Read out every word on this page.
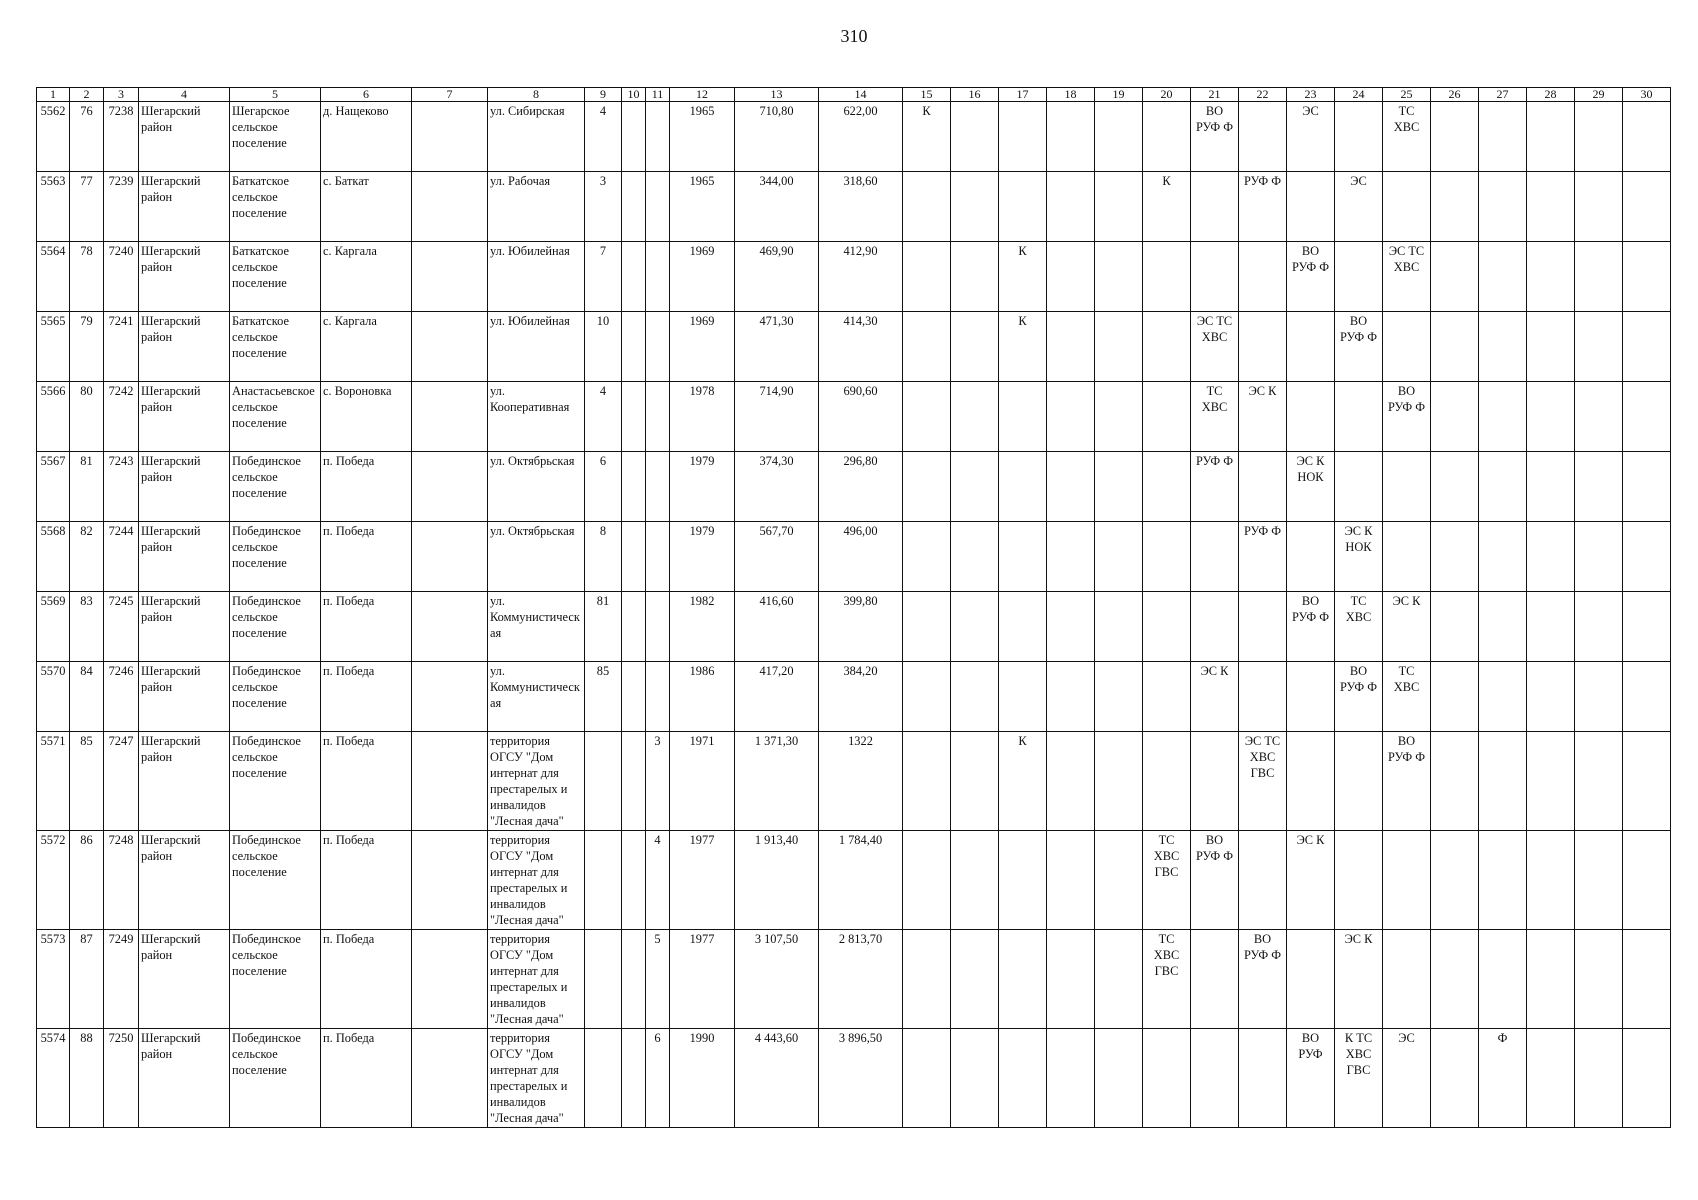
310
1	2	3	4	5	6	7	8	9	10	11	12	13	14	15	16	17	18	19	20	21	22	23	24	25	26	27	28	29	30
5562	76	7238	Шегарский район	Шегарское сельское поселение	д. Нащеково		ул. Сибирская	4			1965	710,80	622,00	К						ВО РУФ Ф		ЭС		ТС ХВС					
5563	77	7239	Шегарский район	Баткатское сельское поселение	с. Баткат		ул. Рабочая	3			1965	344,00	318,60						К		РУФ Ф		ЭС						
5564	78	7240	Шегарский район	Баткатское сельское поселение	с. Каргала		ул. Юбилейная	7			1969	469,90	412,90			К						ВО РУФ Ф		ЭС ТС ХВС					
5565	79	7241	Шегарский район	Баткатское сельское поселение	с. Каргала		ул. Юбилейная	10			1969	471,30	414,30			К				ЭС ТС ХВС			ВО РУФ Ф						
5566	80	7242	Шегарский район	Анастасьевское сельское поселение	с. Вороновка		ул. Кооперативная	4			1978	714,90	690,60							ТС ХВС	ЭС К			ВО РУФ Ф					
5567	81	7243	Шегарский район	Побединское сельское поселение	п. Победа		ул. Октябрьская	6			1979	374,30	296,80							РУФ Ф		ЭС К НОК							
5568	82	7244	Шегарский район	Побединское сельское поселение	п. Победа		ул. Октябрьская	8			1979	567,70	496,00								РУФ Ф		ЭС К НОК						
5569	83	7245	Шегарский район	Побединское сельское поселение	п. Победа		ул. Коммунистическая	81			1982	416,60	399,80									ВО РУФ Ф	ТС ХВС	ЭС К					
5570	84	7246	Шегарский район	Побединское сельское поселение	п. Победа		ул. Коммунистическая	85			1986	417,20	384,20							ЭС К			ВО РУФ Ф	ТС ХВС					
5571	85	7247	Шегарский район	Побединское сельское поселение	п. Победа		территория ОГСУ "Дом интернат для престарелых и инвалидов "Лесная дача"			3	1971	1 371,30	1322			К					ЭС ТС ХВС ГВС			ВО РУФ Ф					
5572	86	7248	Шегарский район	Побединское сельское поселение	п. Победа		территория ОГСУ "Дом интернат для престарелых и инвалидов "Лесная дача"			4	1977	1 913,40	1 784,40						ТС ХВС ГВС	ВО РУФ Ф		ЭС К							
5573	87	7249	Шегарский район	Побединское сельское поселение	п. Победа		территория ОГСУ "Дом интернат для престарелых и инвалидов "Лесная дача"			5	1977	3 107,50	2 813,70						ТС ХВС ГВС		ВО РУФ Ф		ЭС К						
5574	88	7250	Шегарский район	Побединское сельское поселение	п. Победа		территория ОГСУ "Дом интернат для престарелых и инвалидов "Лесная дача"			6	1990	4 443,60	3 896,50									ВО РУФ	К ТС ХВС ГВС	ЭС		Ф			
